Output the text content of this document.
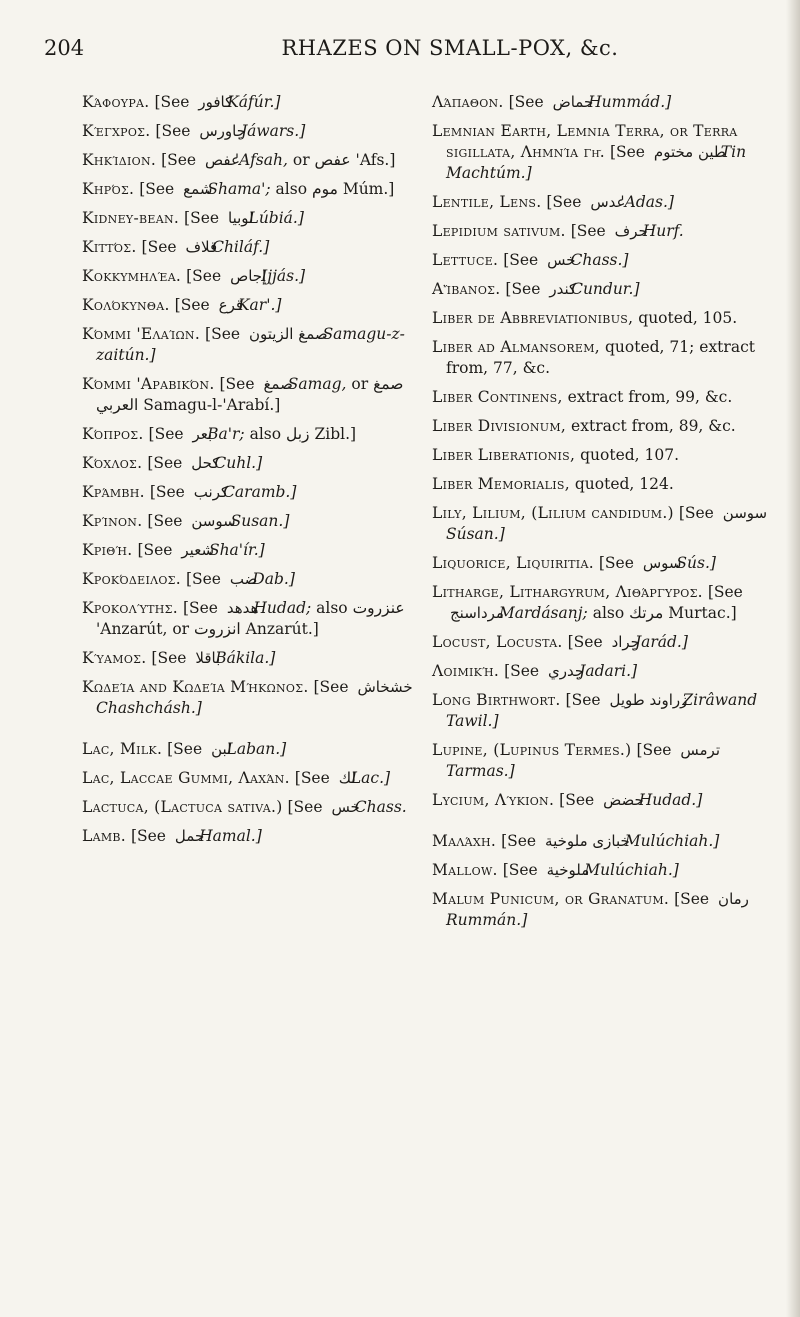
204	RHAZES ON SMALL-POX, &c.
Κάφουρα. [See كافور Káfúr.]
Κέγχρος. [See جاورس Jáwars.]
Κηκίδιον. [See عفص 'Afsah, or عفص 'Afs.]
Κηρός. [See شمع Shama'; also موم Múm.]
Kidney-bean. [See لوبيا Lúbiá.]
Κιττός. [See قلاف Chiláf.]
Κοκκυμηλέα. [See إجاص Ijjás.]
Κολόκυνθα. [See قرع Kar'.]
Κόμμι 'Ελαίων. [See صمغ الزيتون Samagu-z-zaitún.]
Κόμμι 'Αραβικόν. [See صمغ Samag, or صمغ العربي Samagu-l-'Arabí.]
Κόπρος. [See بعر Ba'r; also زبل Zibl.]
Κόχλος. [See كحل Cuhl.]
Κράμβη. [See كرنب Caramb.]
Κρίνον. [See سوسن Susan.]
Κριθή. [See شعير Sha'ír.]
Κροκόδειλος. [See ضب Dab.]
Κροκολύτης. [See هدهد Hudad; also عنزروت 'Anzarút, or انزروت Anzarút.]
Κύαμος. [See باقلا Bákila.]
Κωδεία and Κωδεία Μήκωνος. [See خشخاش Chashchásh.]
Lac, Milk. [See لبن Laban.]
Lac, Laccae Gummi, Λαχάν. [See لك Lac.]
Lactuca, (Lactuca sativa.) [See خس Chass.
Lamb. [See حمل Hamal.]
Λάπαθον. [See حماض Hummád.]
Lemnian Earth, Lemnia Terra, or Terra sigillata, Λημνία γῆ. [See طين مختوم Tin Machtúm.]
Lentile, Lens. [See عدس 'Adas.]
Lepidium sativum. [See حرف Hurf.
Lettuce. [See خس Chass.]
Αἴβανος. [See كندر Cundur.]
Liber de Abbreviationibus, quoted, 105.
Liber ad Almansorem, quoted, 71; extract from, 77, &c.
Liber Continens, extract from, 99, &c.
Liber Divisionum, extract from, 89, &c.
Liber Liberationis, quoted, 107.
Liber Memorialis, quoted, 124.
Lily, Lilium, (Lilium candidum.) [See سوسن Súsan.]
Liquorice, Liquiritia. [See سوس Sús.]
Litharge, Lithargyrum, Λιθάργυρος. [See مرداسنج Mardásanj; also مرتك Murtac.]
Locust, Locusta. [See جراد Jarád.]
Λοιμική. [See جدري Jadari.]
Long Birthwort. [See زراوند طويل Zirâwand Tawil.]
Lupine, (Lupinus Termes.) [See ترمس Tarmas.]
Lycium, Λύκιον. [See حضض Hudad.]
Μαλάχη. [See خبازى ملوخية Mulúchiah.]
Mallow. [See ملوخية Mulúchiah.]
Malum Punicum, or Granatum. [See رمان Rummán.]
